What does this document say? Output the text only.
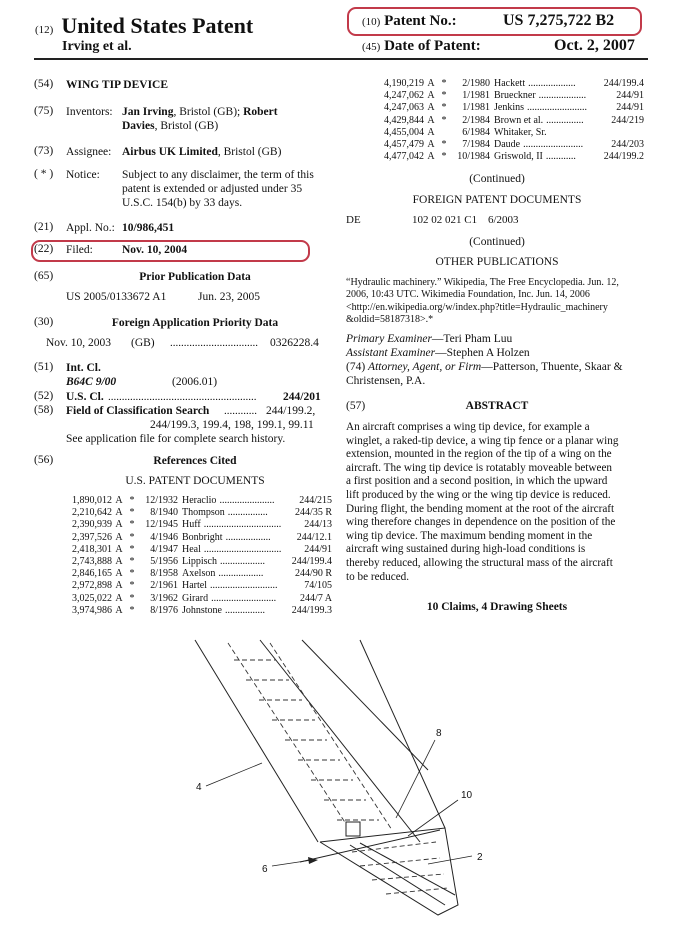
(12) United States Patent
Irving et al.
(10) Patent No.:	US 7,275,722 B2
(45) Date of Patent:	Oct. 2, 2007
(54) WING TIP DEVICE
(75) Inventors: Jan Irving, Bristol (GB); Robert
Davies, Bristol (GB)
(73) Assignee: Airbus UK Limited, Bristol (GB)
( * ) Notice: Subject to any disclaimer, the term of this
patent is extended or adjusted under 35
U.S.C. 154(b) by 33 days.
(21) Appl. No.: 10/986,451
(22) Filed:	Nov. 10, 2004
(65)	Prior Publication Data
US 2005/0133672 A1	Jun. 23, 2005
(30)	Foreign Application Priority Data
Nov. 10, 2003 (GB) ................................ 0326228.4
(51) Int. Cl.
B64C 9/00	(2006.01)
(52) U.S. Cl. ...................................................... 244/201
(58) Field of Classification Search ............ 244/199.2,
244/199.3, 199.4, 198, 199.1, 99.11
See application file for complete search history.
(56)	References Cited
U.S. PATENT DOCUMENTS
1,890,012 A *	12/1932 Heraclio ......................	244/215
2,210,642 A *	8/1940 Thompson ................	244/35 R
2,390,939 A *	12/1945 Huff ...............................	244/13
2,397,526 A *	4/1946 Bonbright ..................	244/12.1
2,418,301 A *	4/1947 Heal ...............................	244/91
2,743,888 A *	5/1956 Lippisch ..................	244/199.4
2,846,165 A *	8/1958 Axelson ..................	244/90 R
2,972,898 A *	2/1961 Hartel ...........................	74/105
3,025,022 A *	3/1962 Girard ..........................	244/7 A
3,974,986 A *	8/1976 Johnstone ................	244/199.3
4,190,219 A *	2/1980 Hackett ...................	244/199.4
4,247,062 A *	1/1981 Brueckner ...................	244/91
4,247,063 A *	1/1981 Jenkins ........................	244/91
4,429,844 A *	2/1984 Brown et al. ...............	244/219
4,455,004 A	6/1984 Whitaker, Sr.
4,457,479 A *	7/1984 Daude ........................	244/203
4,477,042 A *	10/1984 Griswold, II ............	244/199.2
(Continued)
FOREIGN PATENT DOCUMENTS
DE	102 02 021 C1 6/2003
(Continued)
OTHER PUBLICATIONS
“Hydraulic machinery.” Wikipedia, The Free Encyclopedia. Jun. 12,
2006, 10:43 UTC. Wikimedia Foundation, Inc. Jun. 14, 2006
<http://en.wikipedia.org/w/index.php?title=Hydraulic_machinery
&oldid=58187318>.*
Primary Examiner—Teri Pham Luu
Assistant Examiner—Stephen A Holzen
(74) Attorney, Agent, or Firm—Patterson, Thuente, Skaar &
Christensen, P.A.
(57)	ABSTRACT
An aircraft comprises a wing tip device, for example a
winglet, a raked-tip device, a wing tip fence or a planar wing
extension, mounted in the region of the tip of a wing on the
aircraft. The wing tip device is rotatably moveable between
a first position and a second position, in which the upward
lift produced by the wing or the wing tip device is reduced.
During flight, the bending moment at the root of the aircraft
wing therefore changes in dependence on the position of the
wing tip device. The maximum bending moment in the
aircraft wing sustained during high-load conditions is
thereby reduced, allowing the structural mass of the aircraft
to be reduced.
10 Claims, 4 Drawing Sheets
8
10
4
2
6
